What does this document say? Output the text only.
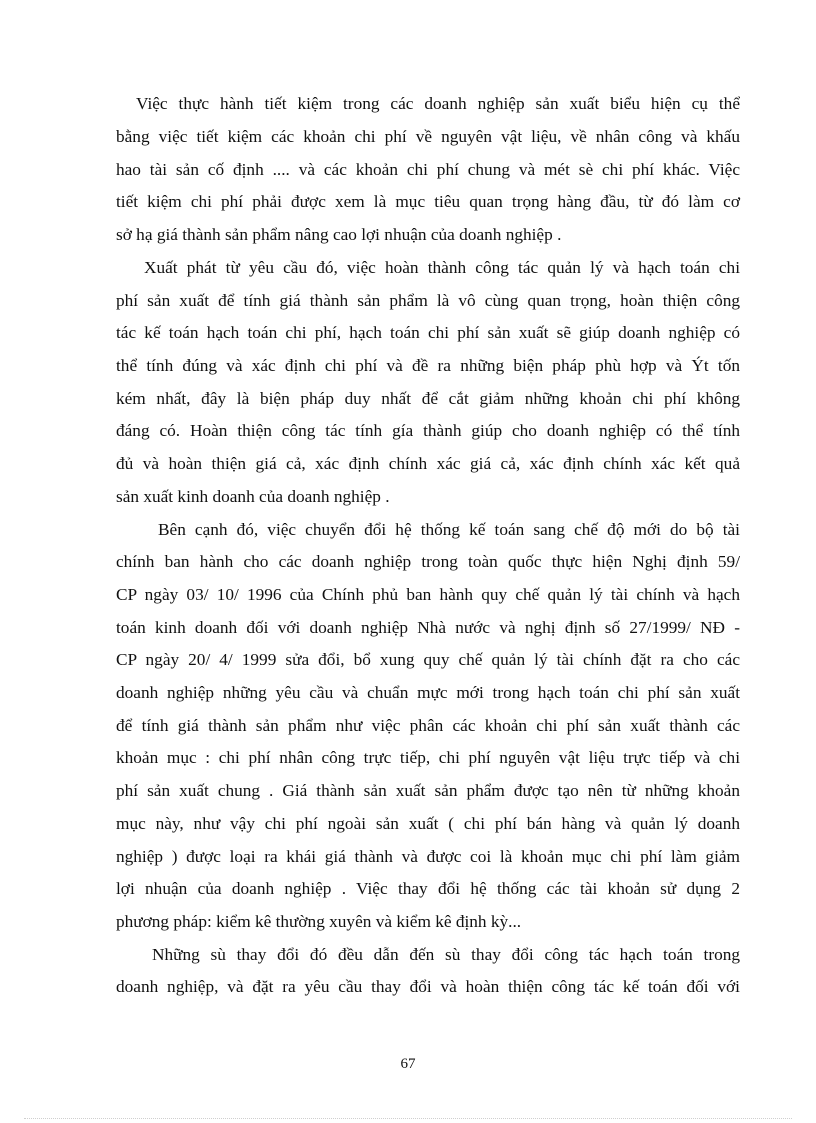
Việc thực hành tiết kiệm trong các doanh nghiệp sản xuất biểu hiện cụ thể
bằng việc tiết kiệm các khoản chi phí về nguyên vật liệu, về nhân công và khấu
hao tài sản cố định .... và các khoản chi phí chung và mét sè chi phí khác. Việc
tiết kiệm chi phí phải được xem là mục tiêu quan trọng hàng đầu, từ đó làm cơ
sở hạ giá thành sản phẩm nâng cao lợi nhuận của doanh nghiệp .
Xuất phát từ yêu cầu đó, việc hoàn thành công tác quản lý và hạch toán chi
phí sản xuất để tính giá thành sản phẩm là vô cùng quan trọng, hoàn thiện công
tác kế toán hạch toán chi phí, hạch toán chi phí sản xuất sẽ giúp doanh nghiệp có
thể tính đúng và xác định chi phí và đề ra những biện pháp phù hợp và Ýt tốn
kém nhất, đây là biện pháp duy nhất để cắt giảm những khoản chi phí không
đáng có. Hoàn thiện công tác tính gía thành giúp cho doanh nghiệp có thể tính
đủ và hoàn thiện giá cả, xác định chính xác giá cả, xác định chính xác kết quả
sản xuất kinh doanh của doanh nghiệp .
Bên cạnh đó, việc chuyển đổi hệ thống kế toán sang chế độ mới do bộ tài
chính ban hành cho các doanh nghiệp trong toàn quốc thực hiện Nghị định 59/
CP ngày 03/ 10/ 1996 của Chính phủ ban hành quy chế quản lý tài chính và hạch
toán kinh doanh đối với doanh nghiệp Nhà nước và nghị định số 27/1999/ NĐ -
CP ngày 20/ 4/ 1999 sửa đổi, bổ xung quy chế quản lý tài chính đặt ra cho các
doanh nghiệp những yêu cầu và chuẩn mực mới trong hạch toán chi phí sản xuất
để tính giá thành sản phẩm như việc phân các khoản chi phí sản xuất thành các
khoản mục : chi phí nhân công trực tiếp, chi phí nguyên vật liệu trực tiếp và chi
phí sản xuất chung . Giá thành sản xuất sản phẩm được tạo nên từ những khoản
mục này, như vậy chi phí ngoài sản xuất ( chi phí bán hàng và quản lý doanh
nghiệp ) được loại ra khái giá thành và được coi là khoản mục chi phí làm giảm
lợi nhuận của doanh nghiệp . Việc thay đổi hệ thống các tài khoản sử dụng 2
phương pháp: kiểm kê thường xuyên và kiểm kê định kỳ...
Những sù thay đổi đó đều dẫn đến sù thay đổi công tác hạch toán trong
doanh nghiệp, và đặt ra yêu cầu thay đổi và hoàn thiện công tác kế toán đối với
67
